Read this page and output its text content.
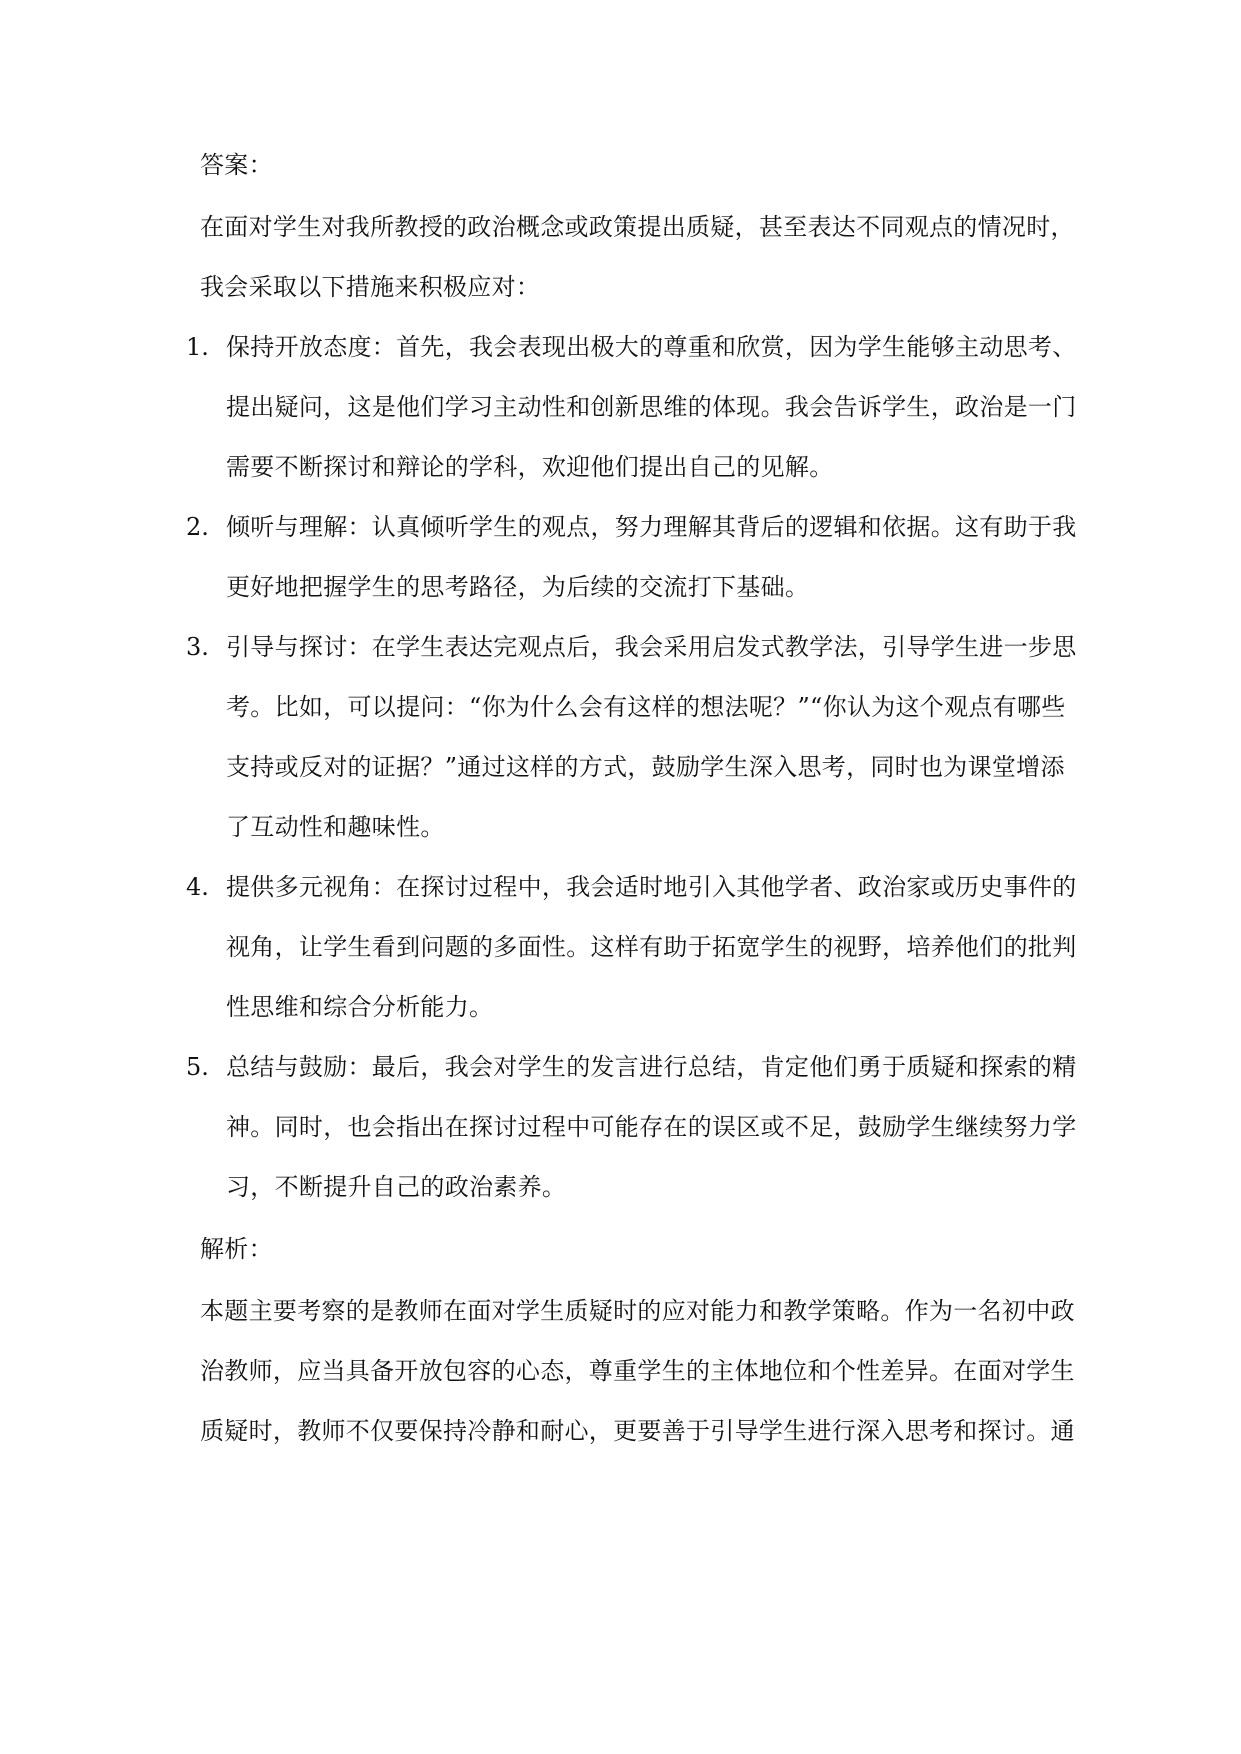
答案：
在面对学生对我所教授的政治概念或政策提出质疑，甚至表达不同观点的情况时，
我会采取以下措施来积极应对：
1. 保持开放态度：首先，我会表现出极大的尊重和欣赏，因为学生能够主动思考、
提出疑问，这是他们学习主动性和创新思维的体现。我会告诉学生，政治是一门
需要不断探讨和辩论的学科，欢迎他们提出自己的见解。
2. 倾听与理解：认真倾听学生的观点，努力理解其背后的逻辑和依据。这有助于我
更好地把握学生的思考路径，为后续的交流打下基础。
3. 引导与探讨：在学生表达完观点后，我会采用启发式教学法，引导学生进一步思
考。比如，可以提问：“你为什么会有这样的想法呢？”“你认为这个观点有哪些
支持或反对的证据？”通过这样的方式，鼓励学生深入思考，同时也为课堂增添
了互动性和趣味性。
4. 提供多元视角：在探讨过程中，我会适时地引入其他学者、政治家或历史事件的
视角，让学生看到问题的多面性。这样有助于拓宽学生的视野，培养他们的批判
性思维和综合分析能力。
5. 总结与鼓励：最后，我会对学生的发言进行总结，肯定他们勇于质疑和探索的精
神。同时，也会指出在探讨过程中可能存在的误区或不足，鼓励学生继续努力学
习，不断提升自己的政治素养。
解析：
本题主要考察的是教师在面对学生质疑时的应对能力和教学策略。作为一名初中政
治教师，应当具备开放包容的心态，尊重学生的主体地位和个性差异。在面对学生
质疑时，教师不仅要保持冷静和耐心，更要善于引导学生进行深入思考和探讨。通
